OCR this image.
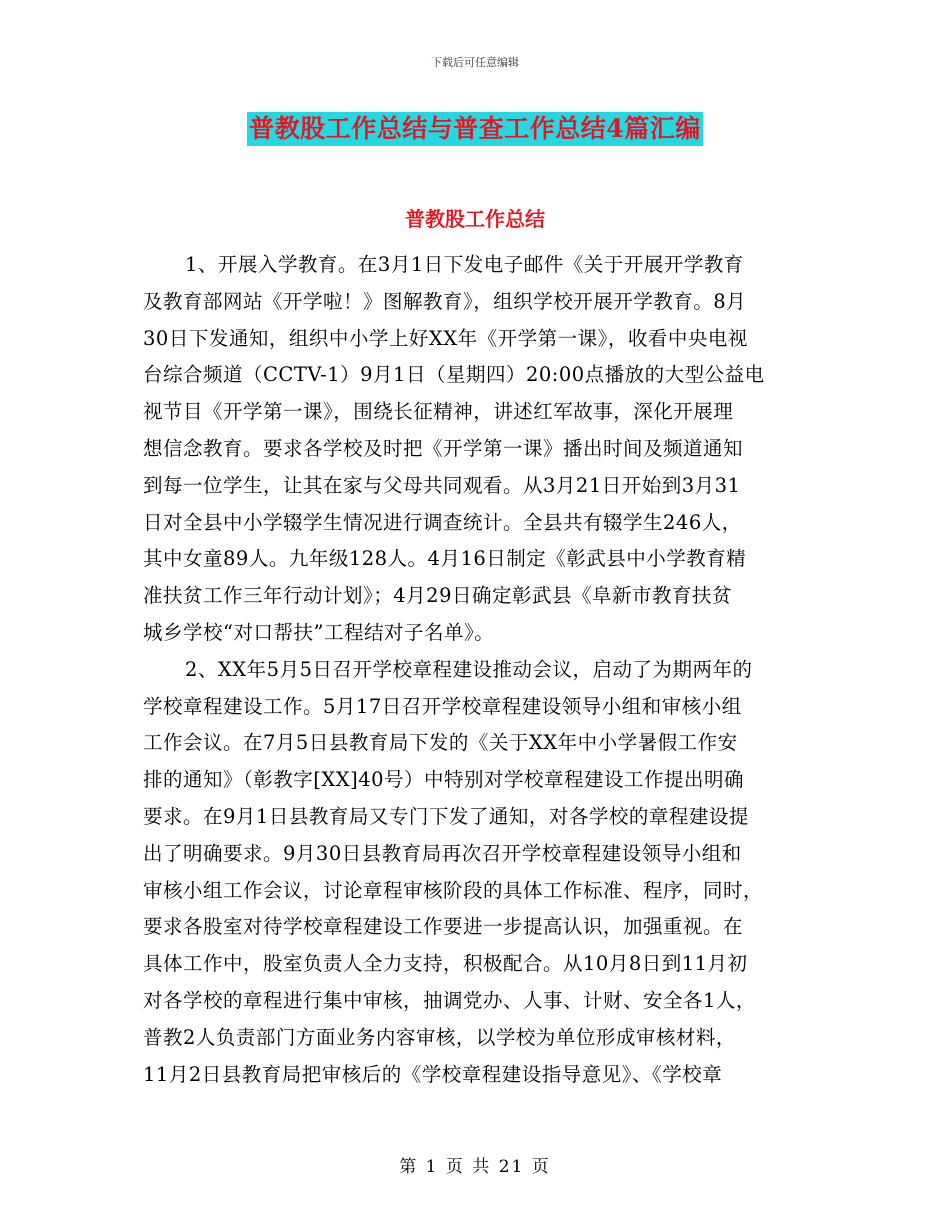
下载后可任意编辑
普教股工作总结与普查工作总结4篇汇编
普教股工作总结
1、开展入学教育。在3月1日下发电子邮件《关于开展开学教育
及教育部网站《开学啦！》图解教育》，组织学校开展开学教育。8月
30日下发通知，组织中小学上好XX年《开学第一课》，收看中央电视
台综合频道（CCTV-1）9月1日（星期四）20:00点播放的大型公益电
视节目《开学第一课》，围绕长征精神，讲述红军故事，深化开展理
想信念教育。要求各学校及时把《开学第一课》播出时间及频道通知
到每一位学生，让其在家与父母共同观看。从3月21日开始到3月31
日对全县中小学辍学生情况进行调查统计。全县共有辍学生246人，
其中女童89人。九年级128人。4月16日制定《彰武县中小学教育精
准扶贫工作三年行动计划》；4月29日确定彰武县《阜新市教育扶贫
城乡学校“对口帮扶”工程结对子名单》。
2、XX年5月5日召开学校章程建设推动会议，启动了为期两年的
学校章程建设工作。5月17日召开学校章程建设领导小组和审核小组
工作会议。在7月5日县教育局下发的《关于XX年中小学暑假工作安
排的通知》（彰教字[XX]40号）中特别对学校章程建设工作提出明确
要求。在9月1日县教育局又专门下发了通知，对各学校的章程建设提
出了明确要求。9月30日县教育局再次召开学校章程建设领导小组和
审核小组工作会议，讨论章程审核阶段的具体工作标准、程序，同时，
要求各股室对待学校章程建设工作要进一步提高认识，加强重视。在
具体工作中，股室负责人全力支持，积极配合。从10月8日到11月初
对各学校的章程进行集中审核，抽调党办、人事、计财、安全各1人，
普教2人负责部门方面业务内容审核，以学校为单位形成审核材料，
11月2日县教育局把审核后的《学校章程建设指导意见》、《学校章
第 1 页 共 21 页
